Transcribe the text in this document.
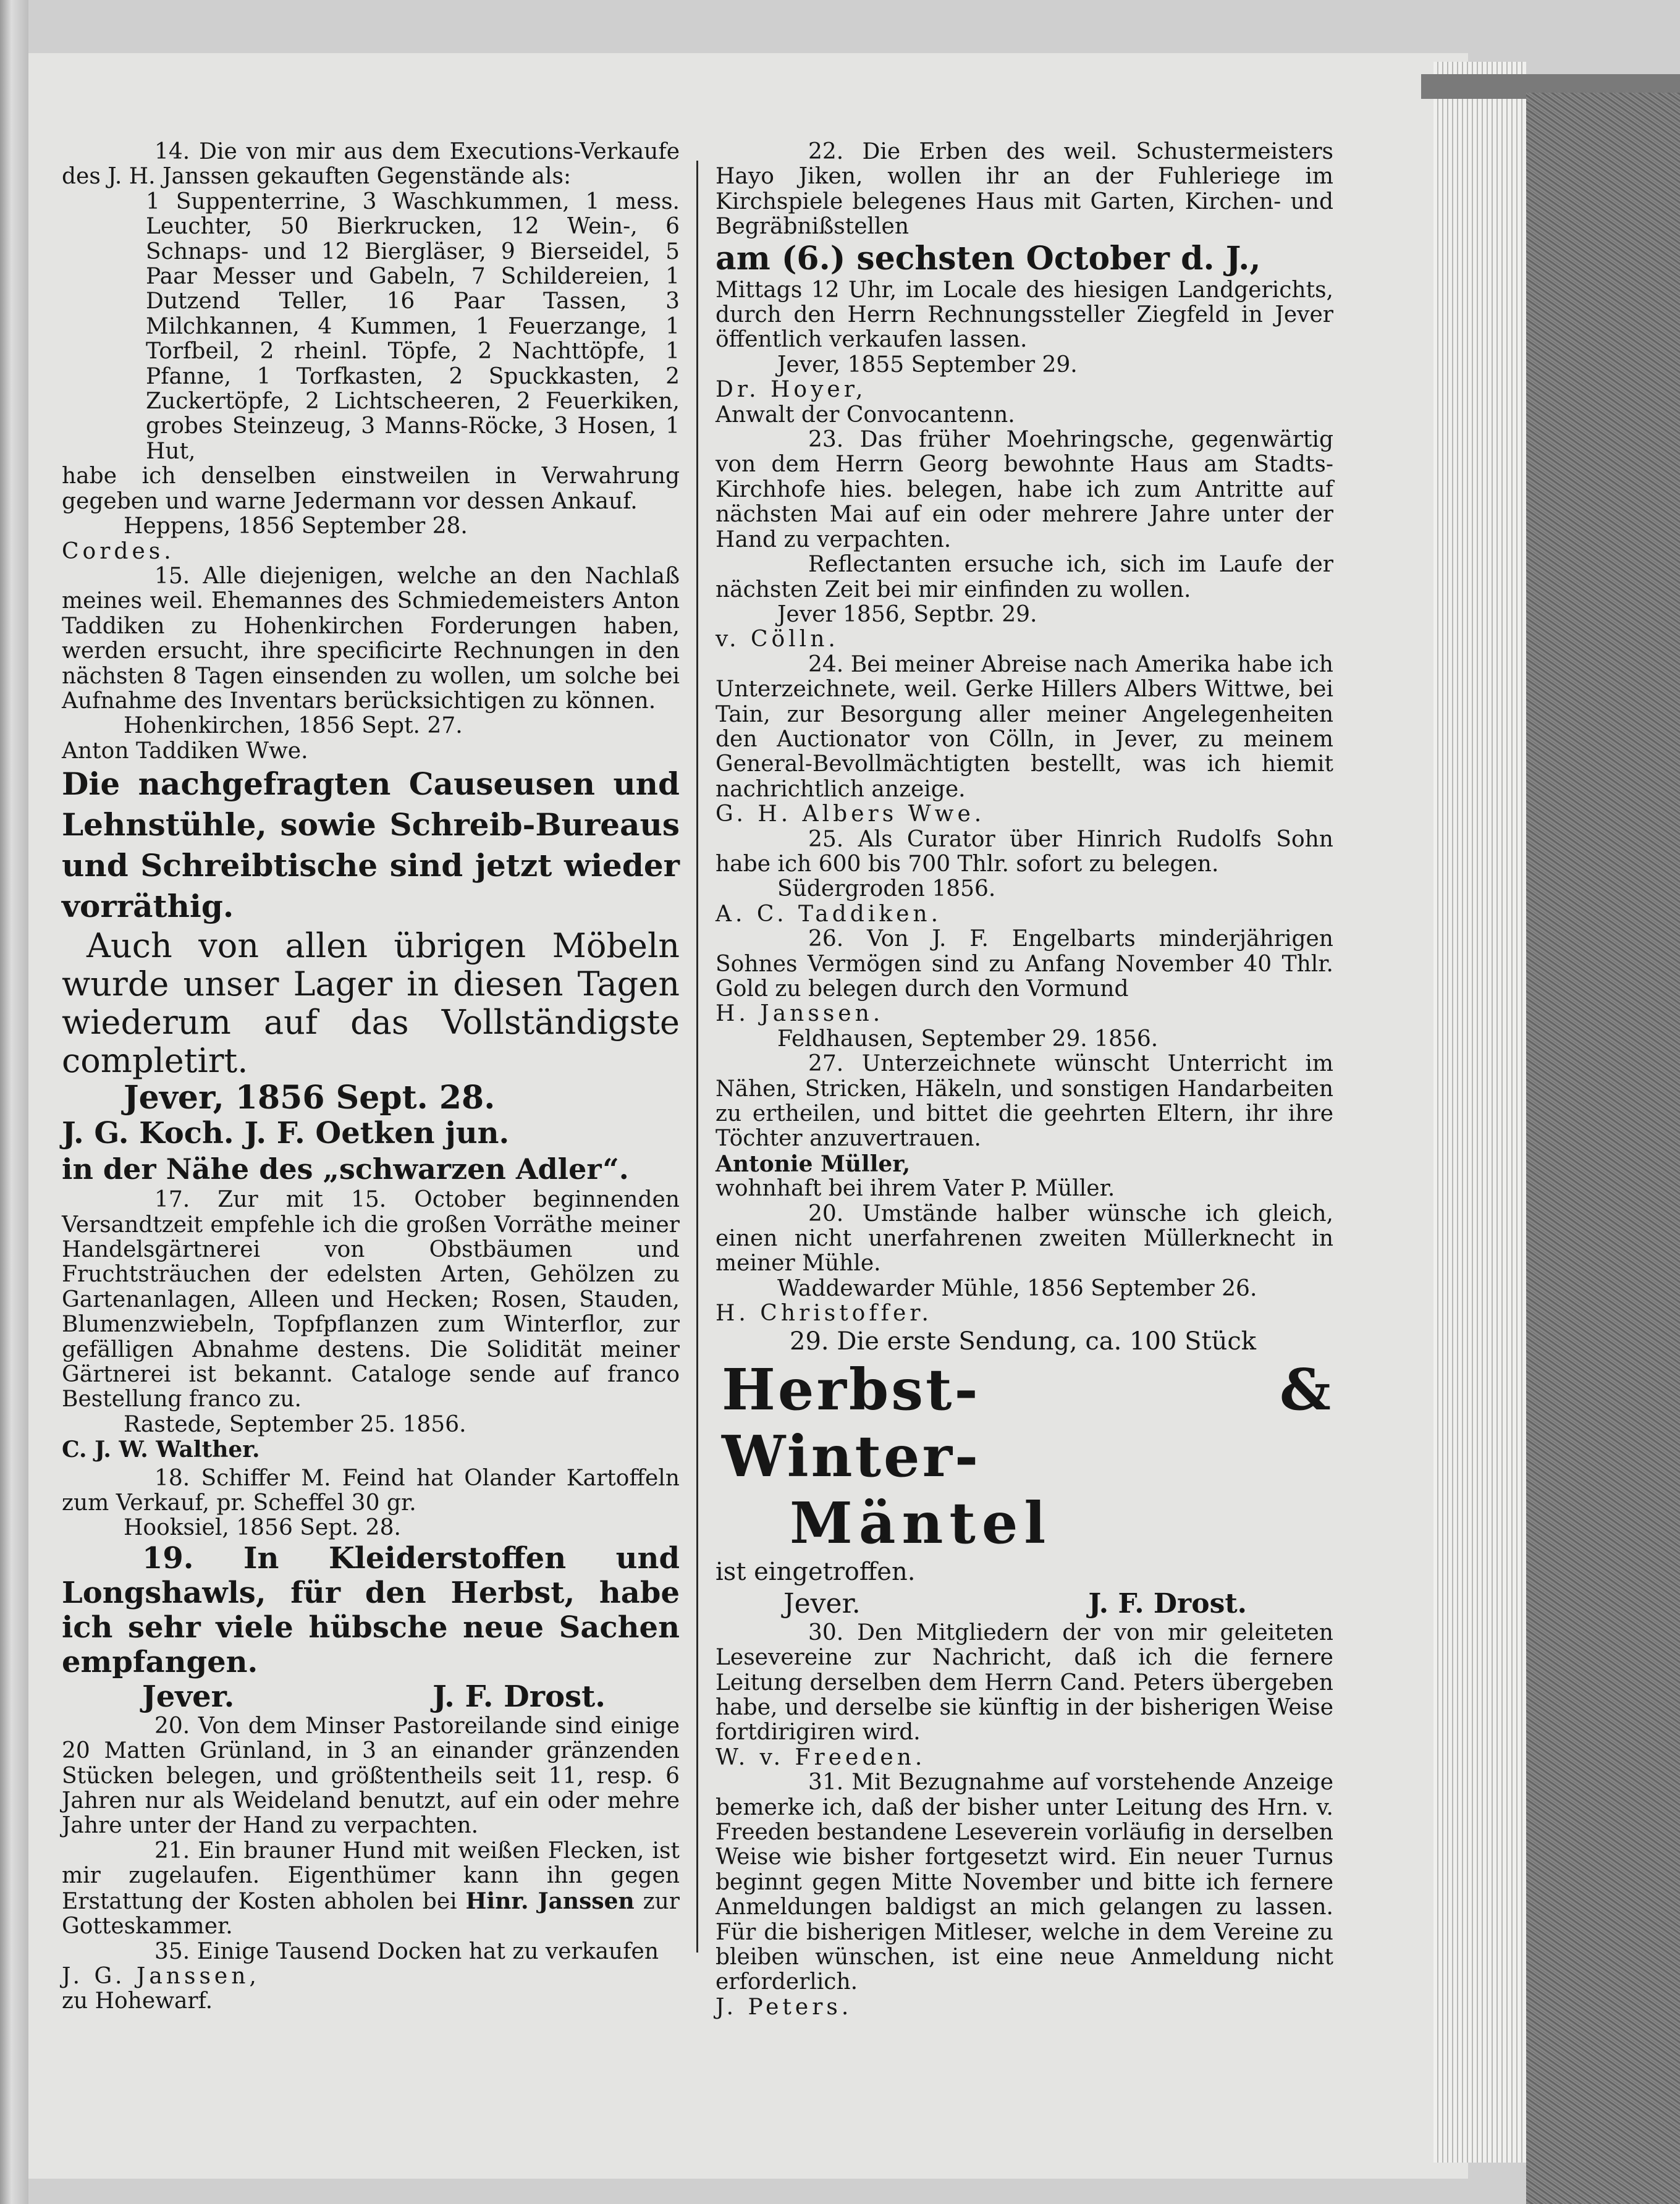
14. Die von mir aus dem Executions-Verkaufe des J. H. Janssen gekauften Gegenstände als:

1 Suppenterrine, 3 Waschkummen, 1 mess. Leuchter, 50 Bierkrucken, 12 Wein-, 6 Schnaps- und 12 Biergläser, 9 Bierseidel, 5 Paar Messer und Gabeln, 7 Schildereien, 1 Dutzend Teller, 16 Paar Tassen, 3 Milchkannen, 4 Kummen, 1 Feuerzange, 1 Torfbeil, 2 rheinl. Töpfe, 2 Nachttöpfe, 1 Pfanne, 1 Torfkasten, 2 Spuckkasten, 2 Zuckertöpfe, 2 Lichtscheeren, 2 Feuerkiken, grobes Steinzeug, 3 Manns-Röcke, 3 Hosen, 1 Hut,

habe ich denselben einstweilen in Verwahrung gegeben und warne Jedermann vor dessen Ankauf.

Heppens, 1856 September 28.

Cordes.

15. Alle diejenigen, welche an den Nachlaß meines weil. Ehemannes des Schmiedemeisters Anton Taddiken zu Hohenkirchen Forderungen haben, werden ersucht, ihre specificirte Rechnungen in den nächsten 8 Tagen einsenden zu wollen, um solche bei Aufnahme des Inventars berücksichtigen zu können.

Hohenkirchen, 1856 Sept. 27.

Anton Taddiken Wwe.

Die nachgefragten Causeusen und Lehnstühle, sowie Schreib-Bureaus und Schreibtische sind jetzt wieder vorräthig.

Auch von allen übrigen Möbeln wurde unser Lager in diesen Tagen wiederum auf das Vollständigste completirt.

Jever, 1856 Sept. 28.

J. G. Koch. J. F. Oetken jun.

in der Nähe des „schwarzen Adler“.

17. Zur mit 15. October beginnenden Versandtzeit empfehle ich die großen Vorräthe meiner Handelsgärtnerei von Obstbäumen und Fruchtsträuchen der edelsten Arten, Gehölzen zu Gartenanlagen, Alleen und Hecken; Rosen, Stauden, Blumenzwiebeln, Topfpflanzen zum Winterflor, zur gefälligen Abnahme destens. Die Solidität meiner Gärtnerei ist bekannt. Cataloge sende auf franco Bestellung franco zu.

Rastede, September 25. 1856.

C. J. W. Walther.

18. Schiffer M. Feind hat Olander Kartoffeln zum Verkauf, pr. Scheffel 30 gr.

Hooksiel, 1856 Sept. 28.

19. In Kleiderstoffen und Longshawls, für den Herbst, habe ich sehr viele hübsche neue Sachen empfangen.

Jever.	J. F. Drost.

20. Von dem Minser Pastoreilande sind einige 20 Matten Grünland, in 3 an einander gränzenden Stücken belegen, und größtentheils seit 11, resp. 6 Jahren nur als Weideland benutzt, auf ein oder mehre Jahre unter der Hand zu verpachten.

21. Ein brauner Hund mit weißen Flecken, ist mir zugelaufen. Eigenthümer kann ihn gegen Erstattung der Kosten abholen bei Hinr. Janssen zur Gotteskammer.

35. Einige Tausend Docken hat zu verkaufen

J. G. Janssen,

zu Hohewarf.

22. Die Erben des weil. Schustermeisters Hayo Jiken, wollen ihr an der Fuhleriege im Kirchspiele belegenes Haus mit Garten, Kirchen- und Begräbnißstellen

am (6.) sechsten October d. J.,

Mittags 12 Uhr, im Locale des hiesigen Landgerichts, durch den Herrn Rechnungssteller Ziegfeld in Jever öffentlich verkaufen lassen.

Jever, 1855 September 29.

Dr. Hoyer,

Anwalt der Convocantenn.

23. Das früher Moehringsche, gegenwärtig von dem Herrn Georg bewohnte Haus am Stadts-Kirchhofe hies. belegen, habe ich zum Antritte auf nächsten Mai auf ein oder mehrere Jahre unter der Hand zu verpachten.

Reflectanten ersuche ich, sich im Laufe der nächsten Zeit bei mir einfinden zu wollen.

Jever 1856, Septbr. 29.

v. Cölln.

24. Bei meiner Abreise nach Amerika habe ich Unterzeichnete, weil. Gerke Hillers Albers Wittwe, bei Tain, zur Besorgung aller meiner Angelegenheiten den Auctionator von Cölln, in Jever, zu meinem General-Bevollmächtigten bestellt, was ich hiemit nachrichtlich anzeige.

G. H. Albers Wwe.

25. Als Curator über Hinrich Rudolfs Sohn habe ich 600 bis 700 Thlr. sofort zu belegen.

Südergroden 1856.

A. C. Taddiken.

26. Von J. F. Engelbarts minderjährigen Sohnes Vermögen sind zu Anfang November 40 Thlr. Gold zu belegen durch den Vormund

H. Janssen.

Feldhausen, September 29. 1856.

27. Unterzeichnete wünscht Unterricht im Nähen, Stricken, Häkeln, und sonstigen Handarbeiten zu ertheilen, und bittet die geehrten Eltern, ihr ihre Töchter anzuvertrauen.

Antonie Müller,

wohnhaft bei ihrem Vater P. Müller.

20. Umstände halber wünsche ich gleich, einen nicht unerfahrenen zweiten Müllerknecht in meiner Mühle.

Waddewarder Mühle, 1856 September 26.

H. Christoffer.

29. Die erste Sendung, ca. 100 Stück

Herbst- & Winter-

Mäntel

ist eingetroffen.

Jever.	J. F. Drost.

30. Den Mitgliedern der von mir geleiteten Lesevereine zur Nachricht, daß ich die fernere Leitung derselben dem Herrn Cand. Peters übergeben habe, und derselbe sie künftig in der bisherigen Weise fortdirigiren wird.

W. v. Freeden.

31. Mit Bezugnahme auf vorstehende Anzeige bemerke ich, daß der bisher unter Leitung des Hrn. v. Freeden bestandene Leseverein vorläufig in derselben Weise wie bisher fortgesetzt wird. Ein neuer Turnus beginnt gegen Mitte November und bitte ich fernere Anmeldungen baldigst an mich gelangen zu lassen. Für die bisherigen Mitleser, welche in dem Vereine zu bleiben wünschen, ist eine neue Anmeldung nicht erforderlich.

J. Peters.
